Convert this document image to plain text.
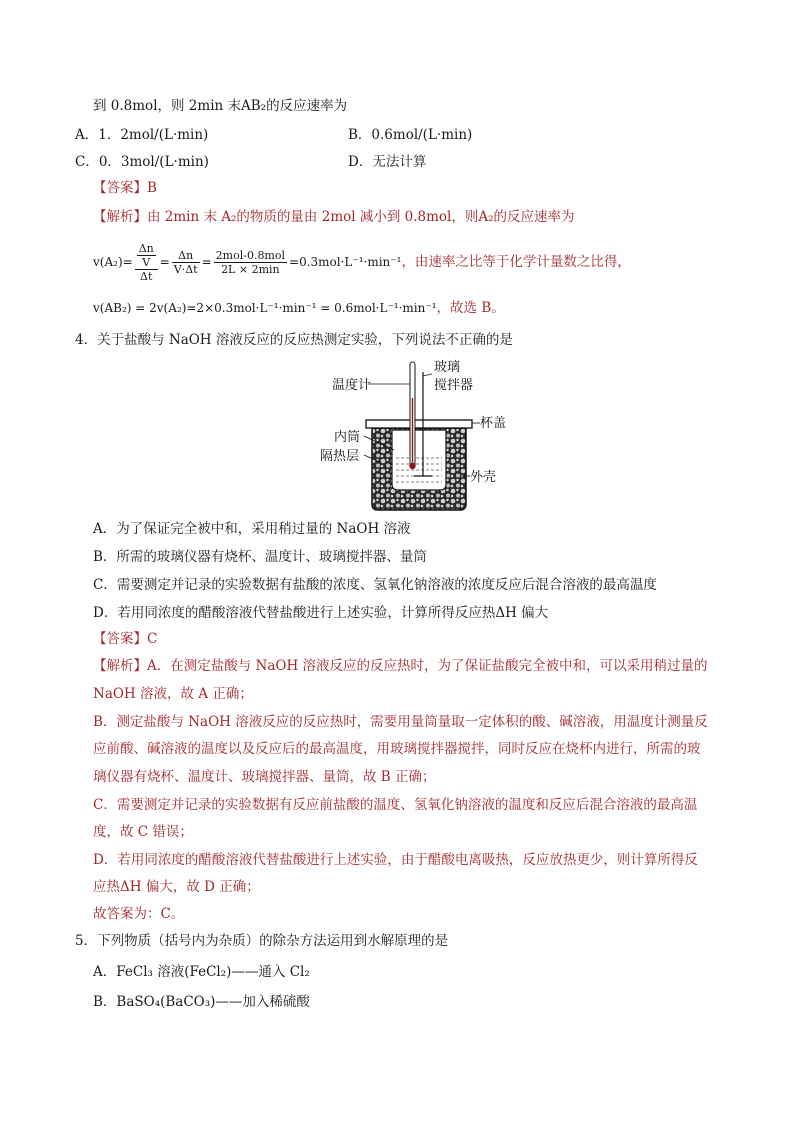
到 0.8mol，则 2min 末AB₂的反应速率为
A．1．2mol/(L·min)	B．0.6mol/(L·min)
C．0．3mol/(L·min)	D．无法计算
【答案】B
【解析】由 2min 末 A₂的物质的量由 2mol 减小到 0.8mol，则A₂的反应速率为
$v(A_2)= \frac{\frac{\Delta n}{V}}{\Delta t} = \frac{\Delta n}{V\cdot\Delta t} = \frac{\text{2mol-0.8mol}}{2L \times 2\min} =0.3mol\cdot L^{-1}\cdot\min^{-1}$，由速率之比等于化学计量数之比得，
v(AB₂) = 2v(A₂)=2×0.3mol·L⁻¹·min⁻¹ = 0.6mol·L⁻¹·min⁻¹，故选 B。
4．关于盐酸与 NaOH 溶液反应的反应热测定实验，下列说法不正确的是
温度计
玻璃
搅拌器
杯盖
内筒
隔热层
外壳
A．为了保证完全被中和，采用稍过量的 NaOH 溶液
B．所需的玻璃仪器有烧杯、温度计、玻璃搅拌器、量筒
C．需要测定并记录的实验数据有盐酸的浓度、氢氧化钠溶液的浓度反应后混合溶液的最高温度
D．若用同浓度的醋酸溶液代替盐酸进行上述实验，计算所得反应热ΔH 偏大
【答案】C
【解析】A．在测定盐酸与 NaOH 溶液反应的反应热时，为了保证盐酸完全被中和，可以采用稍过量的
NaOH 溶液，故 A 正确；
B．测定盐酸与 NaOH 溶液反应的反应热时，需要用量筒量取一定体积的酸、碱溶液，用温度计测量反
应前酸、碱溶液的温度以及反应后的最高温度，用玻璃搅拌器搅拌，同时反应在烧杯内进行，所需的玻
璃仪器有烧杯、温度计、玻璃搅拌器、量筒，故 B 正确；
C．需要测定并记录的实验数据有反应前盐酸的温度、氢氧化钠溶液的温度和反应后混合溶液的最高温
度，故 C 错误；
D．若用同浓度的醋酸溶液代替盐酸进行上述实验，由于醋酸电离吸热，反应放热更少，则计算所得反
应热ΔH 偏大，故 D 正确；
故答案为：C。
5．下列物质（括号内为杂质）的除杂方法运用到水解原理的是
A．FeCl₃ 溶液(FeCl₂)——通入 Cl₂
B．BaSO₄(BaCO₃)——加入稀硫酸
